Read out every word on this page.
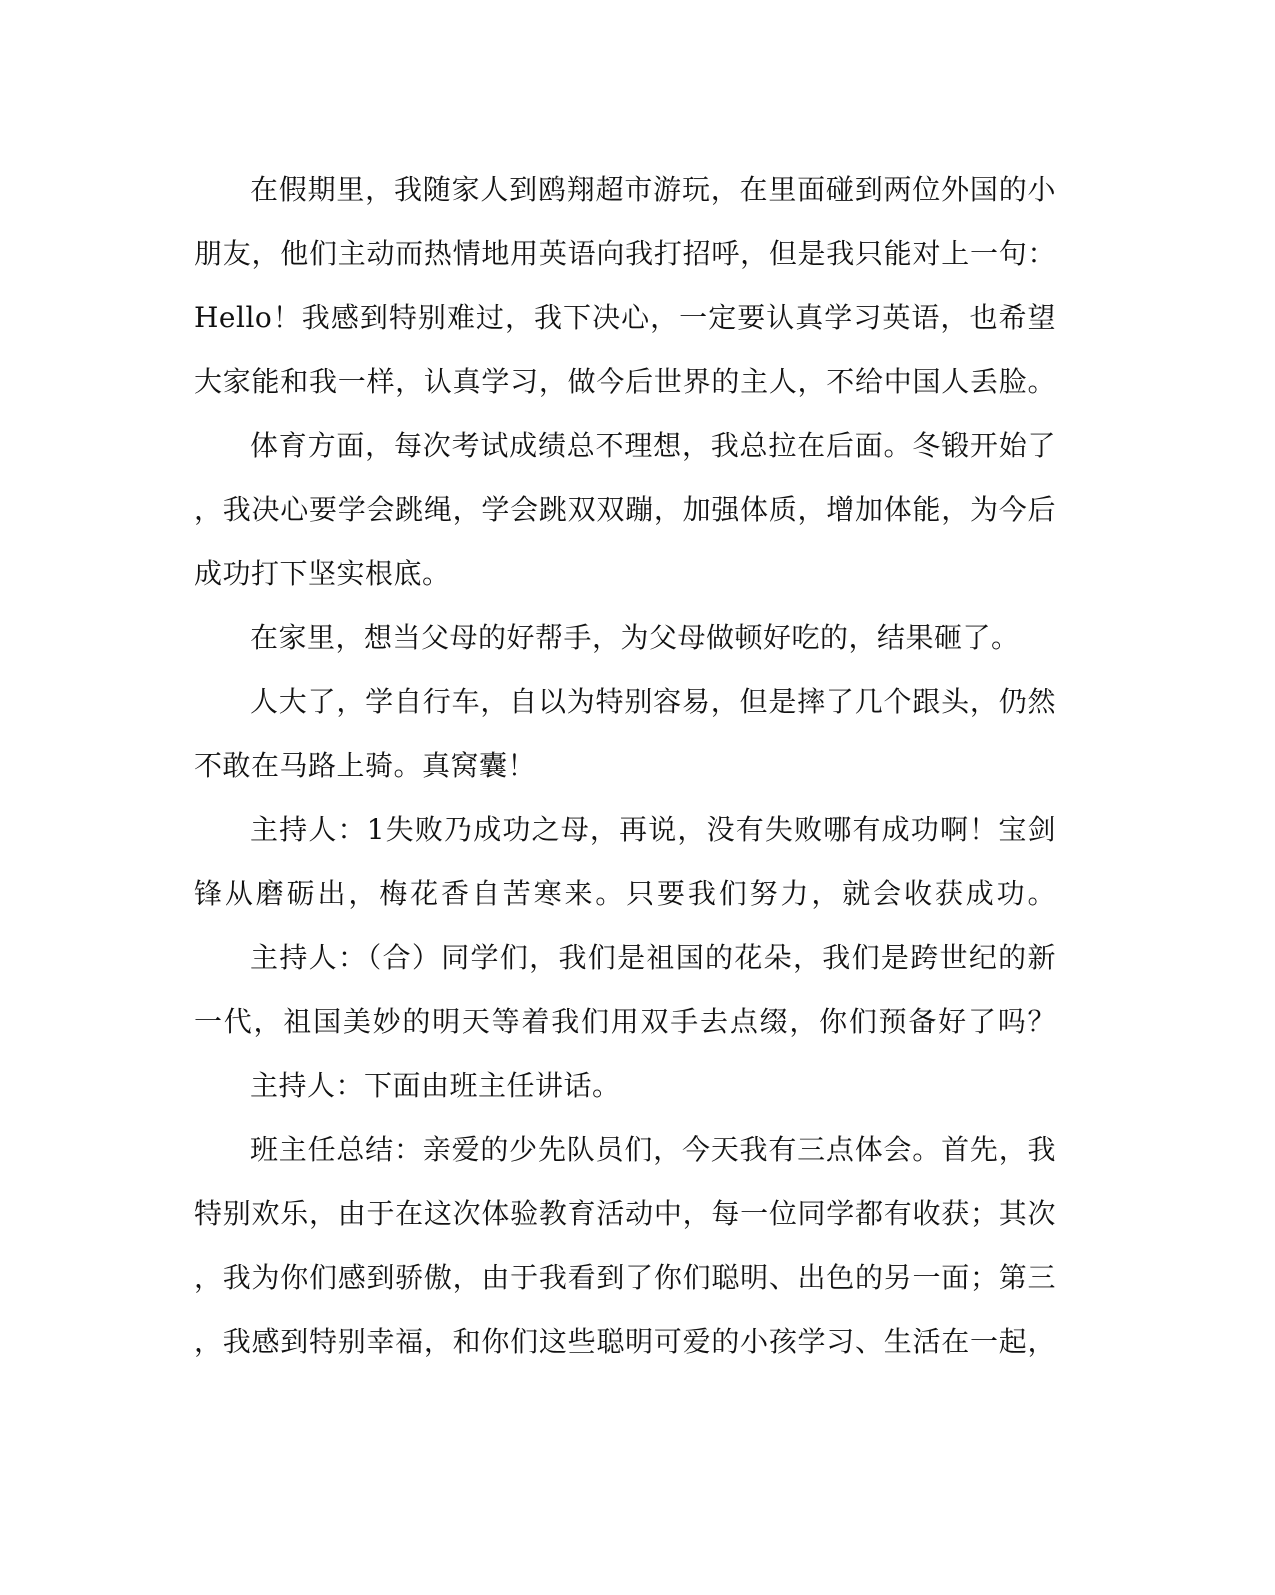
在假期里，我随家人到鸥翔超市游玩，在里面碰到两位外国的小
朋友，他们主动而热情地用英语向我打招呼，但是我只能对上一句：
Hello！我感到特别难过，我下决心，一定要认真学习英语，也希望
大家能和我一样，认真学习，做今后世界的主人，不给中国人丢脸。
体育方面，每次考试成绩总不理想，我总拉在后面。冬锻开始了
，我决心要学会跳绳，学会跳双双蹦，加强体质，增加体能，为今后
成功打下坚实根底。
在家里，想当父母的好帮手，为父母做顿好吃的，结果砸了。
人大了，学自行车，自以为特别容易，但是摔了几个跟头，仍然
不敢在马路上骑。真窝囊！
主持人：1失败乃成功之母，再说，没有失败哪有成功啊！宝剑
锋从磨砺出，梅花香自苦寒来。只要我们努力，就会收获成功。
主持人：（合）同学们，我们是祖国的花朵，我们是跨世纪的新
一代，祖国美妙的明天等着我们用双手去点缀，你们预备好了吗？
主持人：下面由班主任讲话。
班主任总结：亲爱的少先队员们，今天我有三点体会。首先，我
特别欢乐，由于在这次体验教育活动中，每一位同学都有收获；其次
，我为你们感到骄傲，由于我看到了你们聪明、出色的另一面；第三
，我感到特别幸福，和你们这些聪明可爱的小孩学习、生活在一起，
